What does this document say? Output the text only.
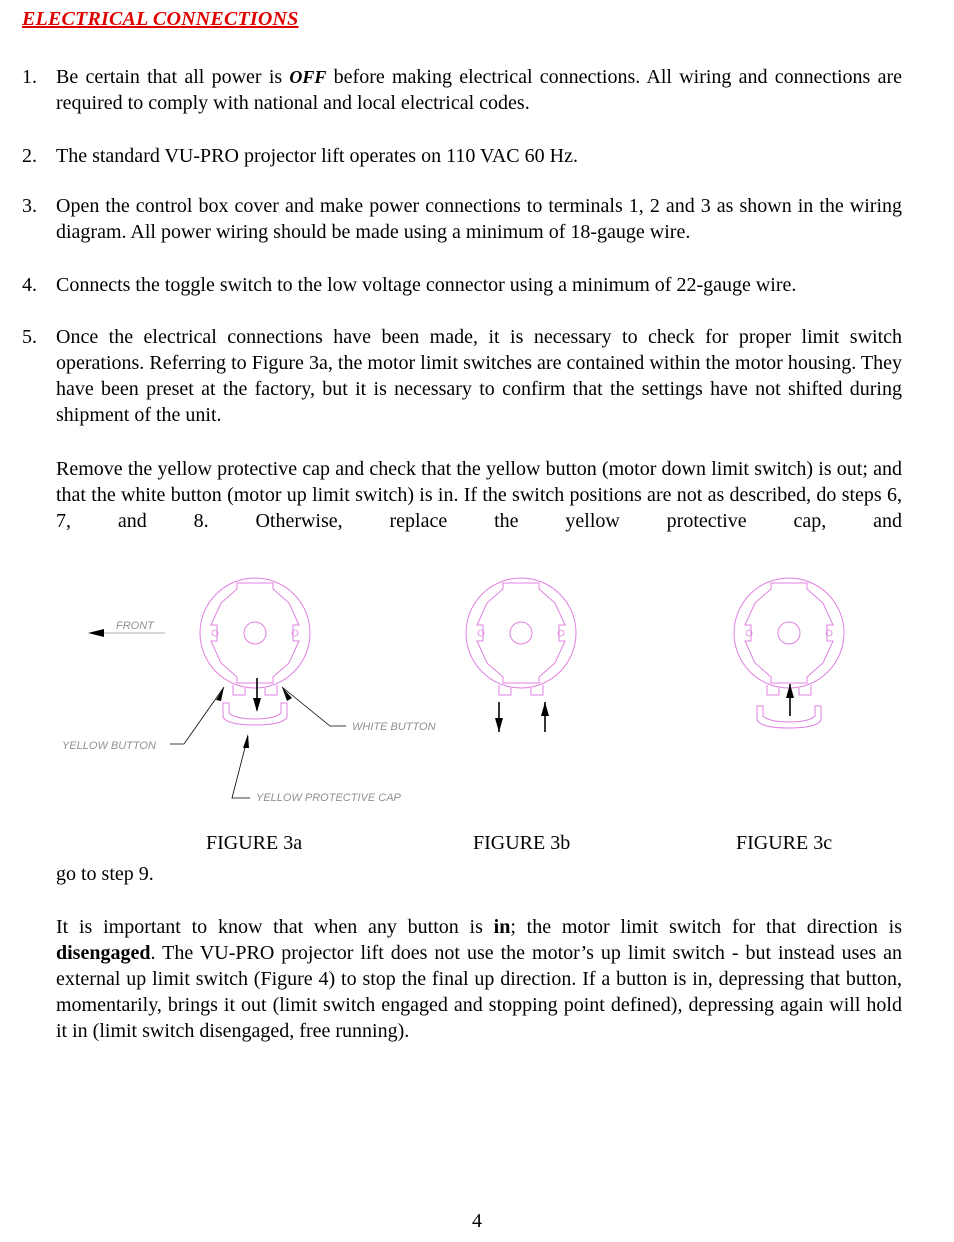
ELECTRICAL CONNECTIONS
1. Be certain that all power is OFF before making electrical connections. All wiring and connections are required to comply with national and local electrical codes.
2. The standard VU-PRO projector lift operates on 110 VAC 60 Hz.
3. Open the control box cover and make power connections to terminals 1, 2 and 3 as shown in the wiring diagram. All power wiring should be made using a minimum of 18-gauge wire.
4. Connects the toggle switch to the low voltage connector using a minimum of 22-gauge wire.
5. Once the electrical connections have been made, it is necessary to check for proper limit switch operations. Referring to Figure 3a, the motor limit switches are contained within the motor housing. They have been preset at the factory, but it is necessary to confirm that the settings have not shifted during shipment of the unit.
Remove the yellow protective cap and check that the yellow button (motor down limit switch) is out; and that the white button (motor up limit switch) is in. If the switch positions are not as described, do steps 6, 7, and 8. Otherwise, replace the yellow protective cap, and
FRONT
YELLOW BUTTON
WHITE BUTTON
YELLOW PROTECTIVE CAP
FIGURE 3a	FIGURE 3b	FIGURE 3c
go to step 9.
It is important to know that when any button is in; the motor limit switch for that direction is disengaged. The VU-PRO projector lift does not use the motor’s up limit switch - but instead uses an external up limit switch (Figure 4) to stop the final up direction. If a button is in, depressing that button, momentarily, brings it out (limit switch engaged and stopping point defined), depressing again will hold it in (limit switch disengaged, free running).
4
